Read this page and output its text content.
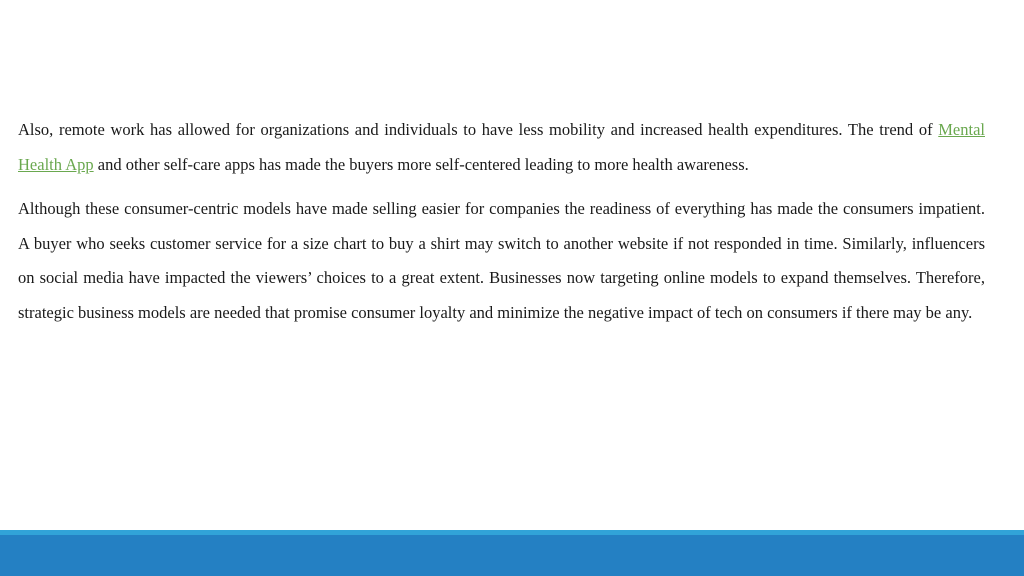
Also, remote work has allowed for organizations and individuals to have less mobility and increased health expenditures. The trend of Mental Health App and other self-care apps has made the buyers more self-centered leading to more health awareness.

Although these consumer-centric models have made selling easier for companies the readiness of everything has made the consumers impatient. A buyer who seeks customer service for a size chart to buy a shirt may switch to another website if not responded in time. Similarly, influencers on social media have impacted the viewers’ choices to a great extent. Businesses now targeting online models to expand themselves. Therefore, strategic business models are needed that promise consumer loyalty and minimize the negative impact of tech on consumers if there may be any.
